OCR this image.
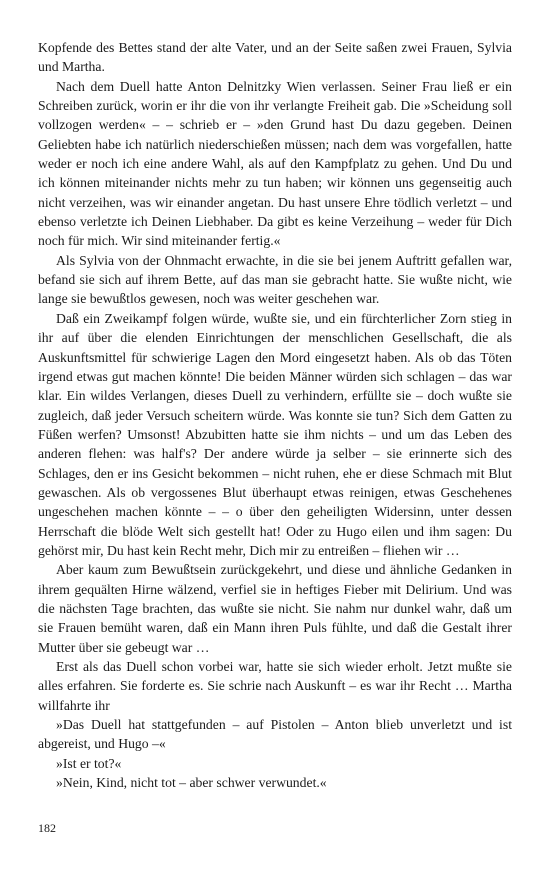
Kopfende des Bettes stand der alte Vater, und an der Seite saßen zwei Frauen, Sylvia und Martha.

Nach dem Duell hatte Anton Delnitzky Wien verlassen. Seiner Frau ließ er ein Schreiben zurück, worin er ihr die von ihr verlangte Freiheit gab. Die »Scheidung soll vollzogen werden« – – schrieb er – »den Grund hast Du dazu gegeben. Deinen Geliebten habe ich natürlich niederschießen müssen; nach dem was vorgefallen, hatte weder er noch ich eine andere Wahl, als auf den Kampfplatz zu gehen. Und Du und ich können miteinander nichts mehr zu tun haben; wir können uns gegenseitig auch nicht verzeihen, was wir einander angetan. Du hast unsere Ehre tödlich verletzt – und ebenso verletzte ich Deinen Liebhaber. Da gibt es keine Verzeihung – weder für Dich noch für mich. Wir sind miteinander fertig.«

Als Sylvia von der Ohnmacht erwachte, in die sie bei jenem Auftritt gefallen war, befand sie sich auf ihrem Bette, auf das man sie gebracht hatte. Sie wußte nicht, wie lange sie bewußtlos gewesen, noch was weiter geschehen war.

Daß ein Zweikampf folgen würde, wußte sie, und ein fürchterlicher Zorn stieg in ihr auf über die elenden Einrichtungen der menschlichen Gesellschaft, die als Auskunftsmittel für schwierige Lagen den Mord eingesetzt haben. Als ob das Töten irgend etwas gut machen könnte! Die beiden Männer würden sich schlagen – das war klar. Ein wildes Verlangen, dieses Duell zu verhindern, erfüllte sie – doch wußte sie zugleich, daß jeder Versuch scheitern würde. Was konnte sie tun? Sich dem Gatten zu Füßen werfen? Umsonst! Abzubitten hatte sie ihm nichts – und um das Leben des anderen flehen: was half's? Der andere würde ja selber – sie erinnerte sich des Schlages, den er ins Gesicht bekommen – nicht ruhen, ehe er diese Schmach mit Blut gewaschen. Als ob vergossenes Blut überhaupt etwas reinigen, etwas Geschehenes ungeschehen machen könnte – – o über den geheiligten Widersinn, unter dessen Herrschaft die blöde Welt sich gestellt hat! Oder zu Hugo eilen und ihm sagen: Du gehörst mir, Du hast kein Recht mehr, Dich mir zu entreißen – fliehen wir …

Aber kaum zum Bewußtsein zurückgekehrt, und diese und ähnliche Gedanken in ihrem gequälten Hirne wälzend, verfiel sie in heftiges Fieber mit Delirium. Und was die nächsten Tage brachten, das wußte sie nicht. Sie nahm nur dunkel wahr, daß um sie Frauen bemüht waren, daß ein Mann ihren Puls fühlte, und daß die Gestalt ihrer Mutter über sie gebeugt war …

Erst als das Duell schon vorbei war, hatte sie sich wieder erholt. Jetzt mußte sie alles erfahren. Sie forderte es. Sie schrie nach Auskunft – es war ihr Recht … Martha willfahrte ihr

»Das Duell hat stattgefunden – auf Pistolen – Anton blieb unverletzt und ist abgereist, und Hugo –«

»Ist er tot?«

»Nein, Kind, nicht tot – aber schwer verwundet.«

182
